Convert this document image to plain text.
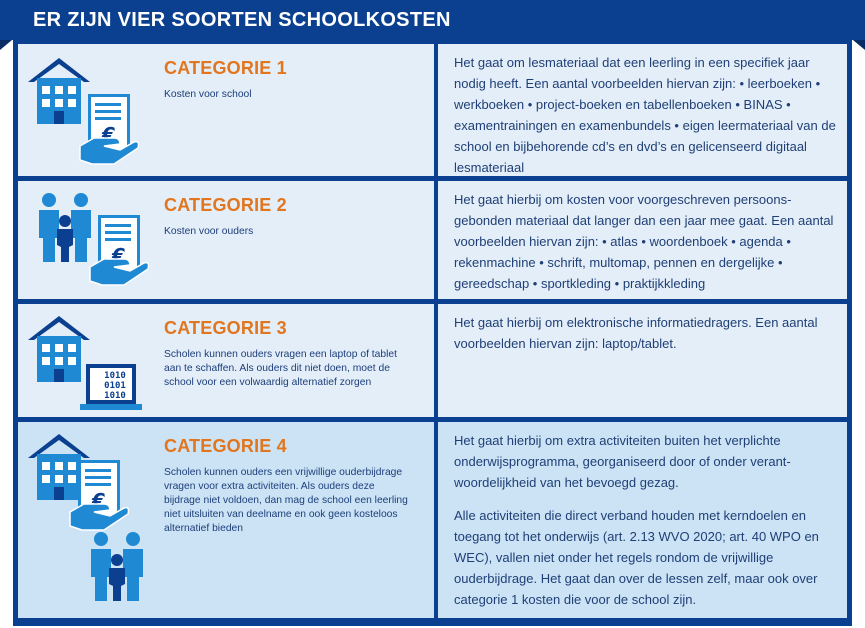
ER ZIJN VIER SOORTEN SCHOOLKOSTEN
CATEGORIE 1
Kosten voor school

Het gaat om lesmateriaal dat een leerling in een specifiek jaar nodig heeft. Een aantal voorbeelden hiervan zijn: • leerboeken • werkboeken • project-boeken en tabellenboeken • BINAS • examentrainingen en examenbundels • eigen leermateriaal van de school en bijbehorende cd’s en dvd’s en gelicenseerd digitaal lesmateriaal

CATEGORIE 2
Kosten voor ouders

Het gaat hierbij om kosten voor voorgeschreven persoons-gebonden materiaal dat langer dan een jaar mee gaat. Een aantal voorbeelden hiervan zijn: • atlas • woordenboek • agenda • rekenmachine • schrift, multomap, pennen en dergelijke • gereedschap • sportkleding • praktijkkleding

1010
0101
1010
CATEGORIE 3
Scholen kunnen ouders vragen een laptop of tablet aan te schaffen. Als ouders dit niet doen, moet de school voor een volwaardig alternatief zorgen

Het gaat hierbij om elektronische informatiedragers. Een aantal voorbeelden hiervan zijn: laptop/tablet.

CATEGORIE 4
Scholen kunnen ouders een vrijwillige ouderbijdrage vragen voor extra activiteiten. Als ouders deze bijdrage niet voldoen, dan mag de school een leerling niet uitsluiten van deelname en ook geen kosteloos alternatief bieden

Het gaat hierbij om extra activiteiten buiten het verplichte onderwijsprogramma, georganiseerd door of onder verant-woordelijkheid van het bevoegd gezag.

Alle activiteiten die direct verband houden met kerndoelen en toegang tot het onderwijs (art. 2.13 WVO 2020; art. 40 WPO en WEC), vallen niet onder het regels rondom de vrijwillige ouderbijdrage. Het gaat dan over de lessen zelf, maar ook over categorie 1 kosten die voor de school zijn.
